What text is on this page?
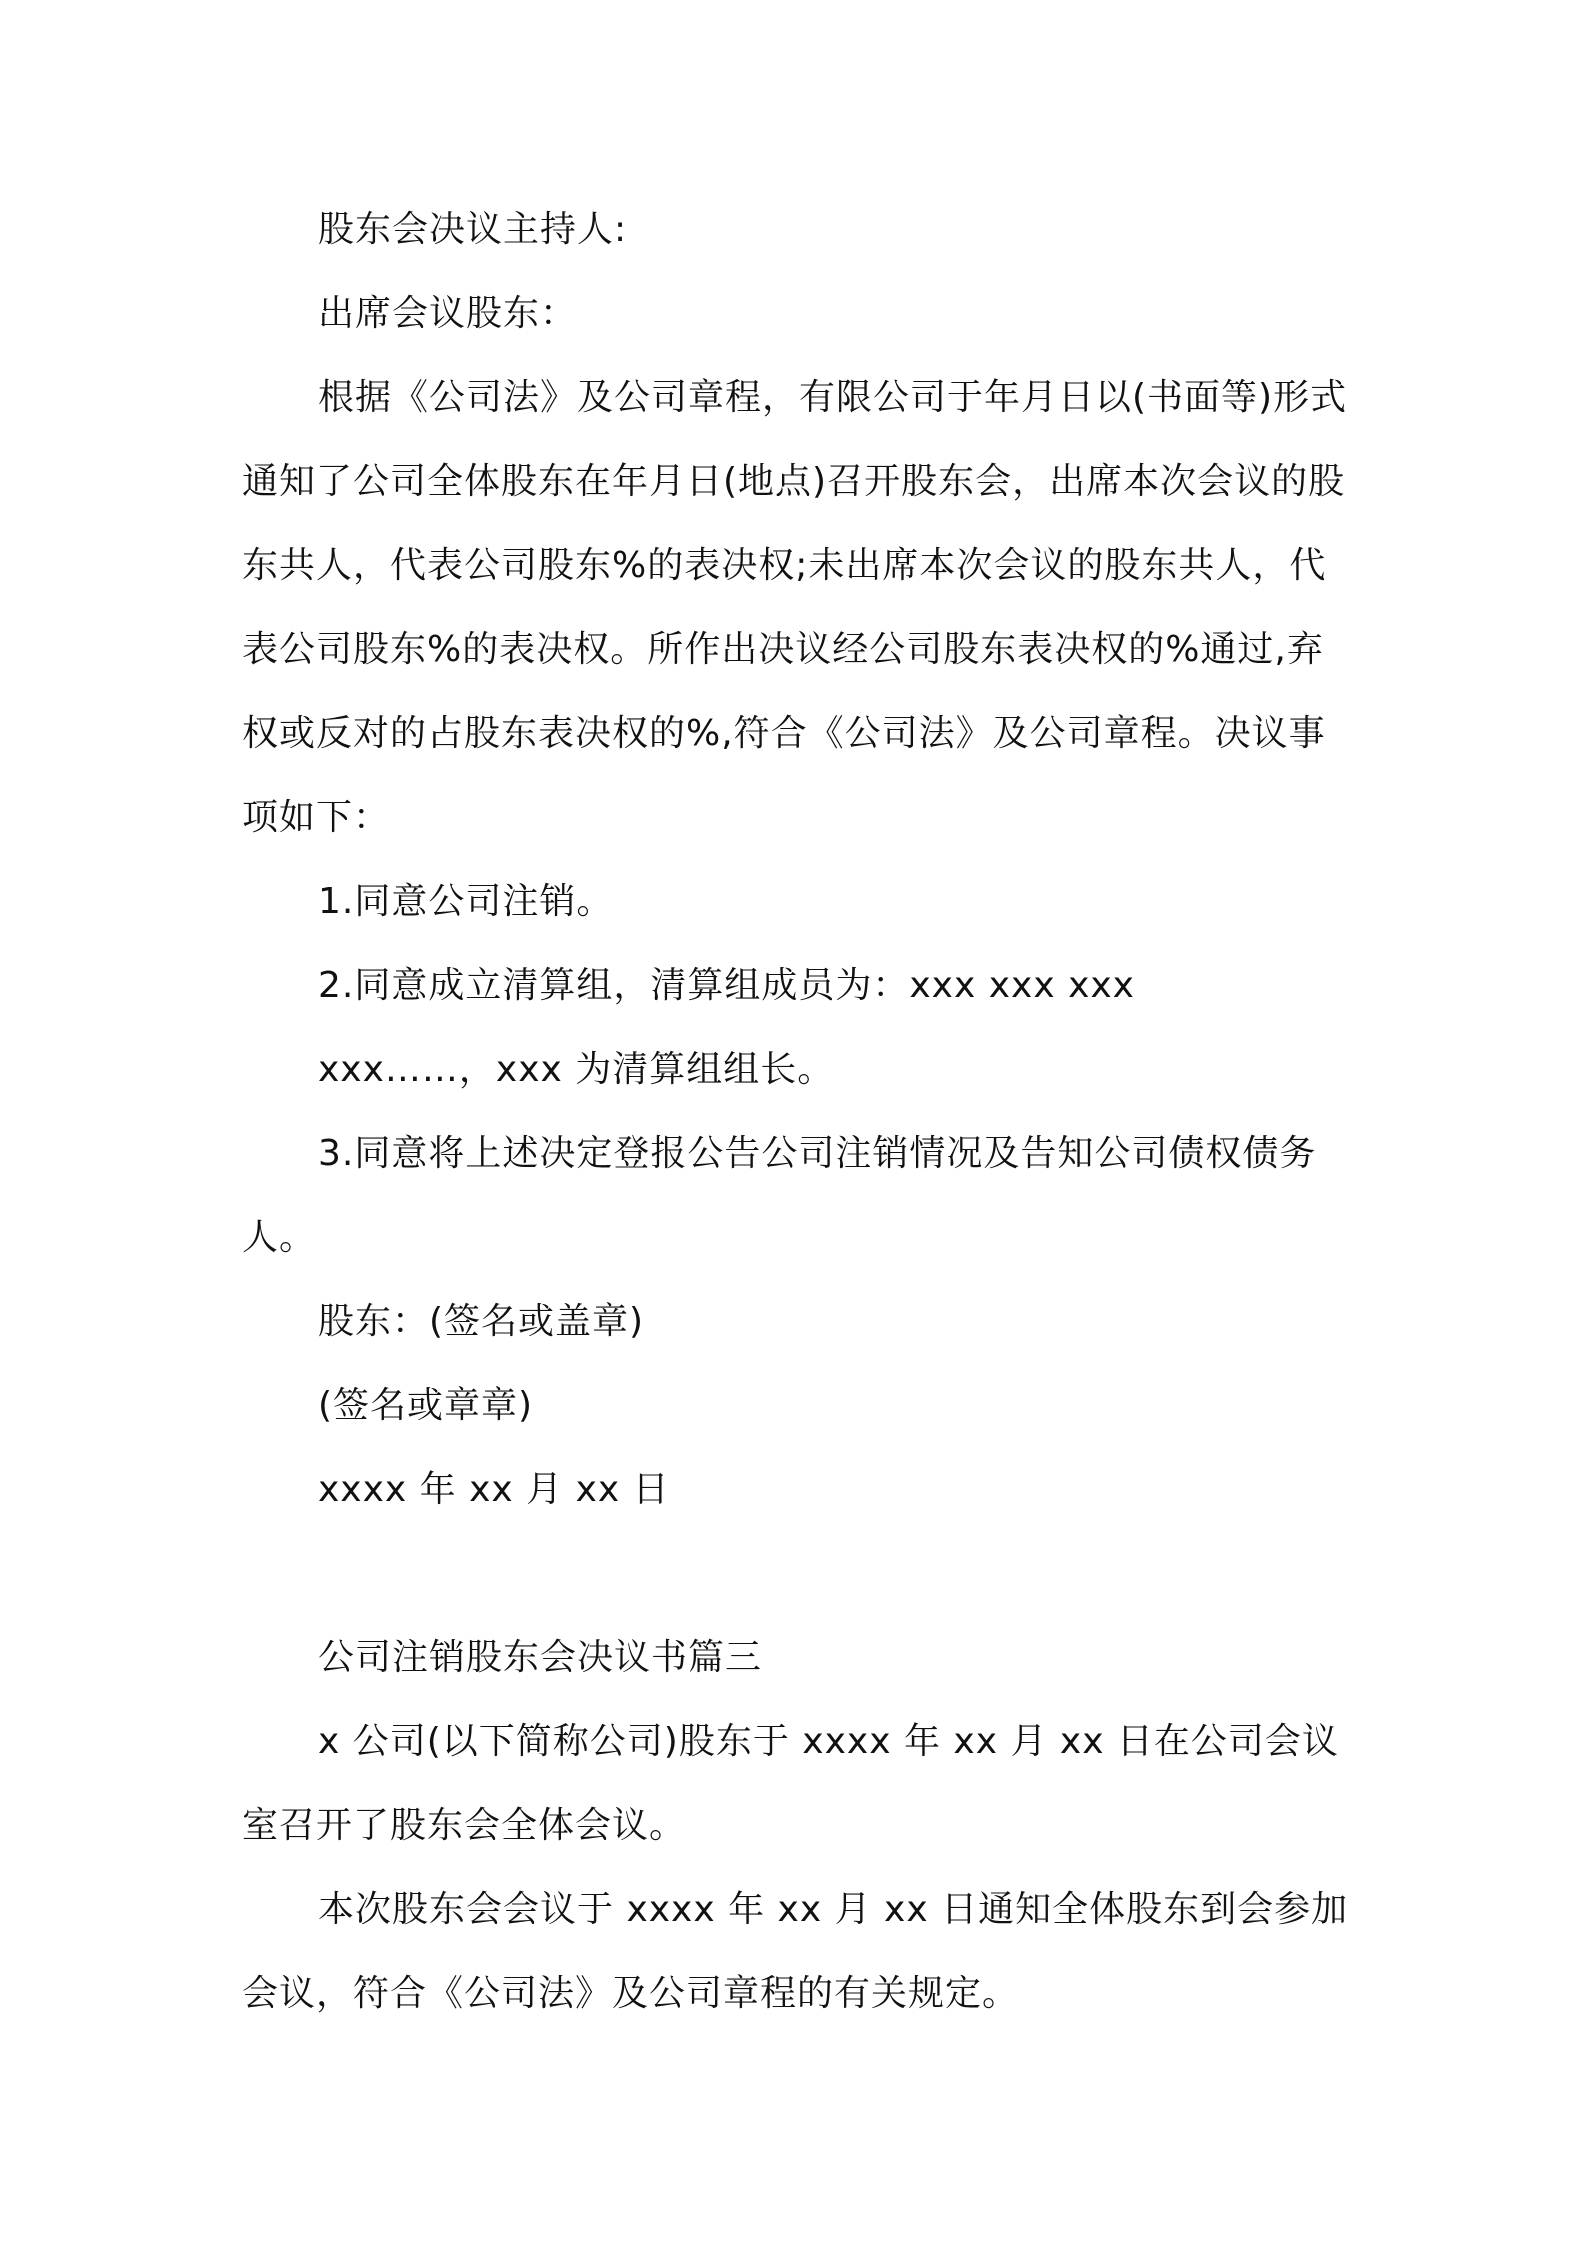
股东会决议主持人:

出席会议股东：

根据《公司法》及公司章程，有限公司于年月日以(书面等)形式通知了公司全体股东在年月日(地点)召开股东会，出席本次会议的股东共人，代表公司股东%的表决权;未出席本次会议的股东共人，代表公司股东%的表决权。所作出决议经公司股东表决权的%通过,弃权或反对的占股东表决权的%,符合《公司法》及公司章程。决议事项如下：

1.同意公司注销。

2.同意成立清算组，清算组成员为：xxx xxx xxx

xxx……，xxx 为清算组组长。

3.同意将上述决定登报公告公司注销情况及告知公司债权债务人。

股东：(签名或盖章)

(签名或章章)

xxxx 年 xx 月 xx 日

公司注销股东会决议书篇三

x 公司(以下简称公司)股东于 xxxx 年 xx 月 xx 日在公司会议室召开了股东会全体会议。

本次股东会会议于 xxxx 年 xx 月 xx 日通知全体股东到会参加会议，符合《公司法》及公司章程的有关规定。
